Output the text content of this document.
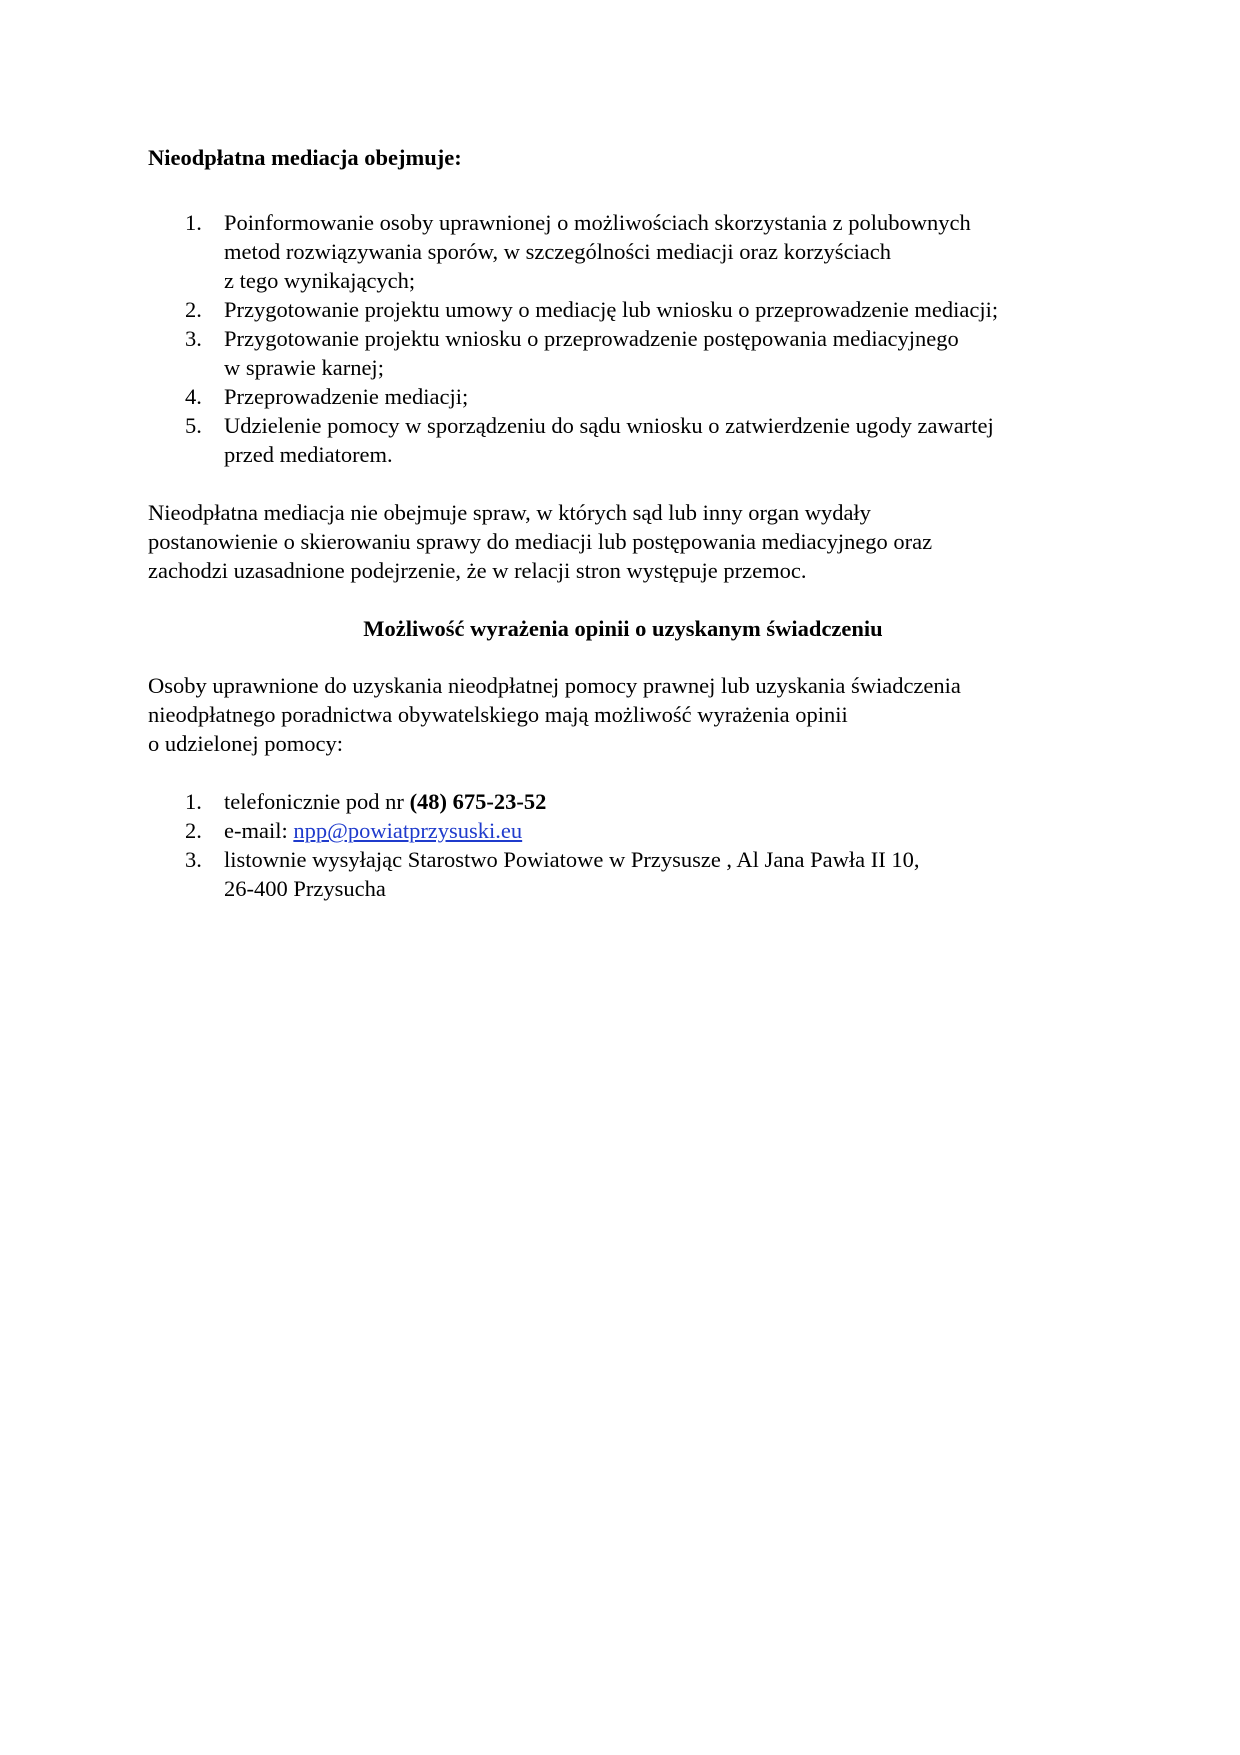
Nieodpłatna mediacja obejmuje:

1. Poinformowanie osoby uprawnionej o możliwościach skorzystania z polubownych
metod rozwiązywania sporów, w szczególności mediacji oraz korzyściach
z tego wynikających;
2. Przygotowanie projektu umowy o mediację lub wniosku o przeprowadzenie mediacji;
3. Przygotowanie projektu wniosku o przeprowadzenie postępowania mediacyjnego
w sprawie karnej;
4. Przeprowadzenie mediacji;
5. Udzielenie pomocy w sporządzeniu do sądu wniosku o zatwierdzenie ugody zawartej
przed mediatorem.

Nieodpłatna mediacja nie obejmuje spraw, w których sąd lub inny organ wydały
postanowienie o skierowaniu sprawy do mediacji lub postępowania mediacyjnego oraz
zachodzi uzasadnione podejrzenie, że w relacji stron występuje przemoc.

Możliwość wyrażenia opinii o uzyskanym świadczeniu

Osoby uprawnione do uzyskania nieodpłatnej pomocy prawnej lub uzyskania świadczenia
nieodpłatnego poradnictwa obywatelskiego mają możliwość wyrażenia opinii
o udzielonej pomocy:

1. telefonicznie pod nr (48) 675-23-52
2. e-mail: npp@powiatprzysuski.eu
3. listownie wysyłając Starostwo Powiatowe w Przysusze , Al Jana Pawła II 10,
26-400 Przysucha
